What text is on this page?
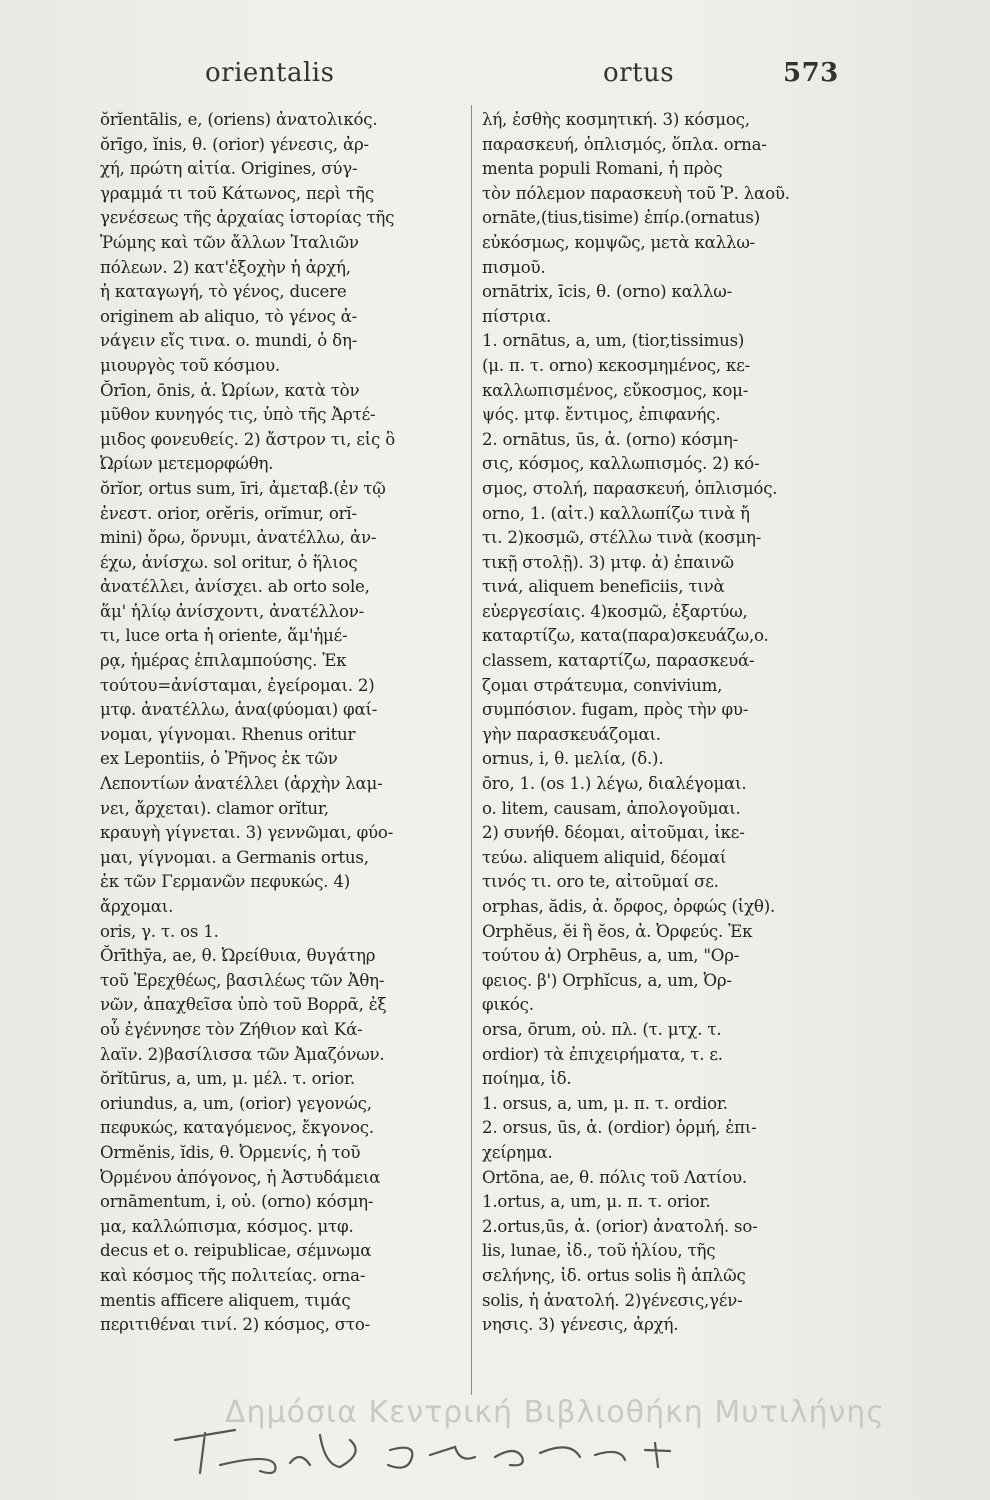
orientalis	ortus	573
ŏrĭentālis, e, (oriens) ἀνατολικός.
ŏrīgo, ĭnis, θ. (orior) γένεσις, ἀρ-
χή, πρώτη αἰτία. Origines, σύγ-
γραμμά τι τοῦ Κάτωνος, περὶ τῆς
γενέσεως τῆς ἀρχαίας ἱστορίας τῆς
Ῥώμης καὶ τῶν ἄλλων Ἰταλιῶν
πόλεων. 2) κατ'ἐξοχὴν ἡ ἀρχή,
ἡ καταγωγή, τὸ γένος, ducere
originem ab aliquo, τὸ γένος ἀ-
νάγειν εἴς τινα. o. mundi, ὁ δη-
μιουργὸς τοῦ κόσμου.
Ŏrīon, ōnis, ἀ. Ὠρίων, κατὰ τὸν
μῦθον κυνηγός τις, ὑπὸ τῆς Ἀρτέ-
μιδος φονευθείς. 2) ἄστρον τι, εἰς ὃ
Ὠρίων μετεμορφώθη.
ŏrĭor, ortus sum, īri, ἀμεταβ.(ἐν τῷ
ἐνεστ. orior, orĕris, orĭmur, orĭ-
mini) ὄρω, ὄρνυμι, ἀνατέλλω, ἀν-
έχω, ἀνίσχω. sol oritur, ὁ ἥλιος
ἀνατέλλει, ἀνίσχει. ab orto sole,
ἅμ' ἡλίῳ ἀνίσχοντι, ἀνατέλλον-
τι, luce orta ἡ oriente, ἅμ'ἡμέ-
ρᾳ, ἡμέρας ἐπιλαμπούσης. Ἐκ
τούτου=ἀνίσταμαι, ἐγείρομαι. 2)
μτφ. ἀνατέλλω, ἀνα(φύομαι) φαί-
νομαι, γίγνομαι. Rhenus oritur
ex Lepontiis, ὁ Ῥῆνος ἐκ τῶν
Λεποντίων ἀνατέλλει (ἀρχὴν λαμ-
νει, ἄρχεται). clamor orĭtur,
κραυγὴ γίγνεται. 3) γεννῶμαι, φύο-
μαι, γίγνομαι. a Germanis ortus,
ἐκ τῶν Γερμανῶν πεφυκώς. 4)
ἄρχομαι.
oris, γ. τ. os 1.
Ŏrīthȳa, ae, θ. Ὠρείθυια, θυγάτηρ
τοῦ Ἐρεχθέως, βασιλέως τῶν Ἀθη-
νῶν, ἁπαχθεῖσα ὑπὸ τοῦ Βορρᾶ, ἐξ
οὗ ἐγέννησε τὸν Ζήθιον καὶ Κά-
λαϊν. 2)βασίλισσα τῶν Ἀμαζόνων.
ŏrĭtūrus, a, um, μ. μέλ. τ. orior.
oriundus, a, um, (orior) γεγονώς,
πεφυκώς, καταγόμενος, ἔκγονος.
Ormĕnis, ĭdis, θ. Ὀρμενίς, ἡ τοῦ
Ὀρμένου ἀπόγονος, ἡ Ἀστυδάμεια
ornāmentum, i, οὐ. (orno) κόσμη-
μα, καλλώπισμα, κόσμος. μτφ.
decus et o. reipublicae, σέμνωμα
καὶ κόσμος τῆς πολιτείας. orna-
mentis afficere aliquem, τιμάς
περιτιθέναι τινί. 2) κόσμος, στο-
λή, ἐσθὴς κοσμητική. 3) κόσμος,
παρασκευή, ὁπλισμός, ὅπλα. orna-
menta populi Romani, ἡ πρὸς
τὸν πόλεμον παρασκευὴ τοῦ Ῥ. λαοῦ.
ornāte,(tius,tisime) ἐπίρ.(ornatus)
εὐκόσμως, κομψῶς, μετὰ καλλω-
πισμοῦ.
ornātrix, īcis, θ. (orno) καλλω-
πίστρια.
1. ornātus, a, um, (tior,tissimus)
(μ. π. τ. orno) κεκοσμημένος, κε-
καλλωπισμένος, εὔκοσμος, κομ-
ψός. μτφ. ἔντιμος, ἐπιφανής.
2. ornātus, ūs, ἀ. (orno) κόσμη-
σις, κόσμος, καλλωπισμός. 2) κό-
σμος, στολή, παρασκευή, ὁπλισμός.
orno, 1. (αἰτ.) καλλωπίζω τινὰ ἤ
τι. 2)κοσμῶ, στέλλω τινὰ (κοσμη-
τικῇ στολῇ). 3) μτφ. ἀ) ἐπαινῶ
τινά, aliquem beneficiis, τινὰ
εὐεργεσίαις. 4)κοσμῶ, ἐξαρτύω,
καταρτίζω, κατα(παρα)σκευάζω,o.
classem, καταρτίζω, παρασκευά-
ζομαι στράτευμα, convivium,
συμπόσιον. fugam, πρὸς τὴν φυ-
γὴν παρασκευάζομαι.
ornus, i, θ. μελία, (δ.).
ōro, 1. (os 1.) λέγω, διαλέγομαι.
o. litem, causam, ἀπολογοῦμαι.
2) συνήθ. δέομαι, αἰτοῦμαι, ἱκε-
τεύω. aliquem aliquid, δέομαί
τινός τι. oro te, αἰτοῦμαί σε.
orphas, ădis, ἀ. ὄρφος, ὀρφώς (ἰχθ).
Orphĕus, ĕi ἢ ĕos, ἀ. Ὀρφεύς. Ἐκ
τούτου ἀ) Orphēus, a, um, "Ορ-
φειος. β') Orphĭcus, a, um, Ὀρ-
φικός.
orsa, ōrum, οὐ. πλ. (τ. μτχ. τ.
ordior) τὰ ἐπιχειρήματα, τ. ε.
ποίημα, ἰδ.
1. orsus, a, um, μ. π. τ. ordior.
2. orsus, ūs, ἀ. (ordior) ὁρμή, ἐπι-
χείρημα.
Ortōna, ae, θ. πόλις τοῦ Λατίου.
1.ortus, a, um, μ. π. τ. orior.
2.ortus,ūs, ἀ. (orior) ἀνατολή. so-
lis, lunae, ἰδ., τοῦ ἡλίου, τῆς
σελήνης, ἰδ. ortus solis ἢ ἁπλῶς
solis, ἡ ἀνατολή. 2)γένεσις,γέν-
νησις. 3) γένεσις, ἀρχή.
Δημόσια Κεντρική Βιβλιοθήκη Μυτιλήνης
